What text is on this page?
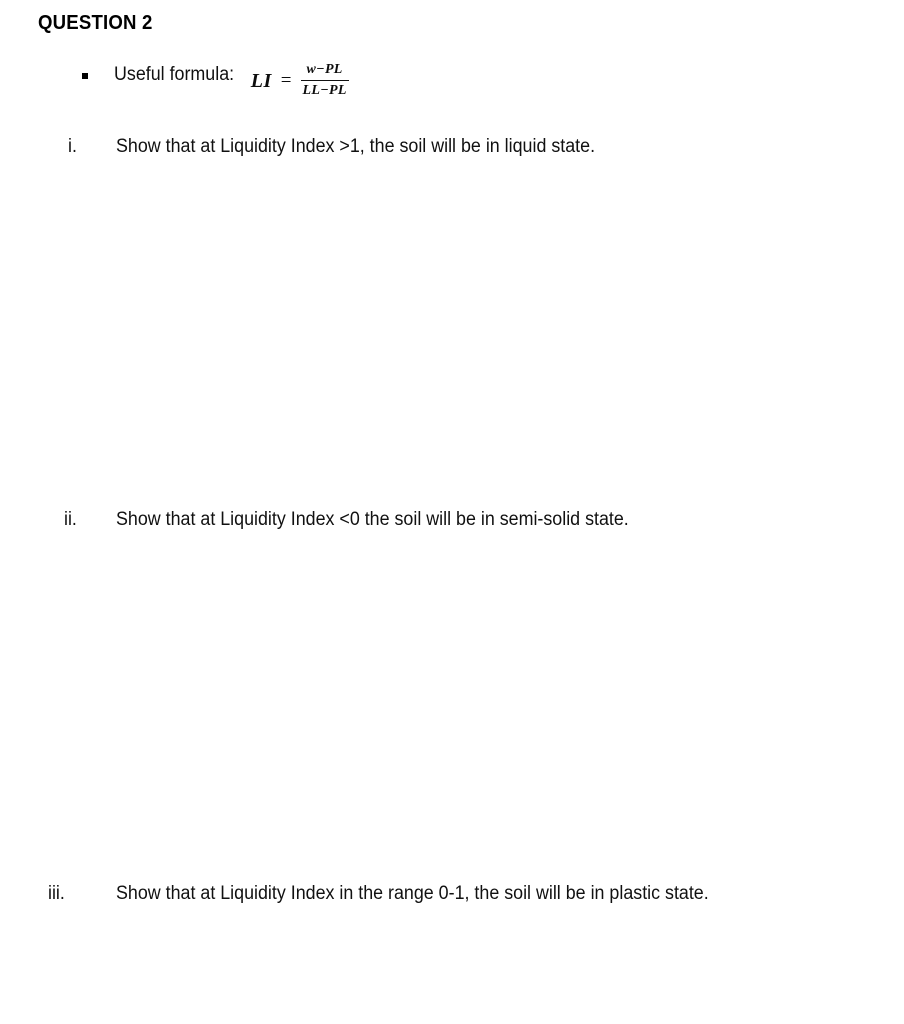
QUESTION 2
Useful formula: LI = $\frac{w-PL}{LL-PL}$
i.	Show that at Liquidity Index >1, the soil will be in liquid state.
ii.	Show that at Liquidity Index <0 the soil will be in semi-solid state.
iii.	Show that at Liquidity Index in the range 0-1, the soil will be in plastic state.
